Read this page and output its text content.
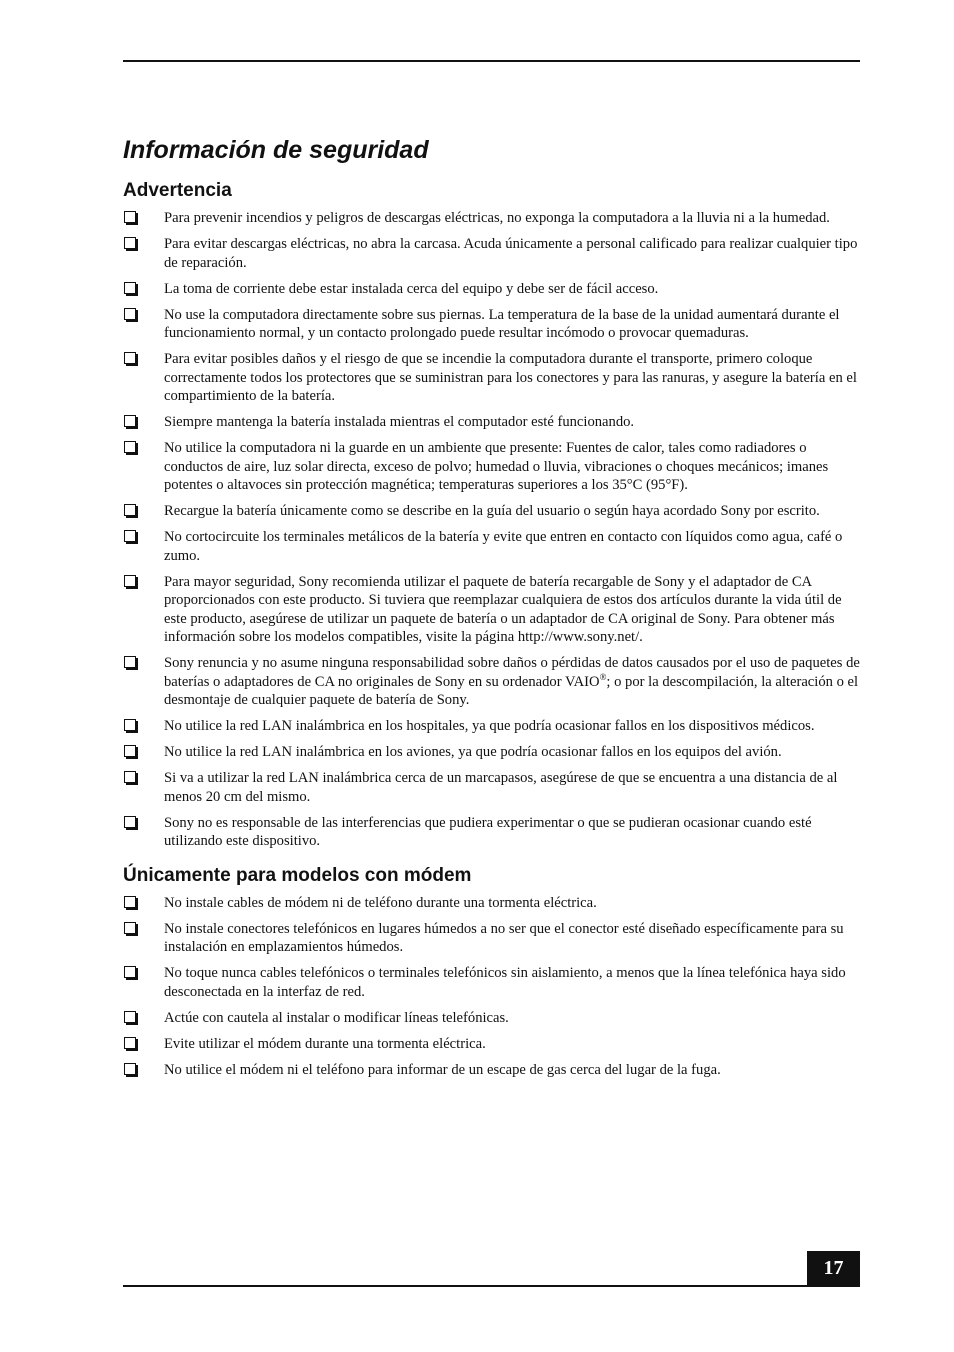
Información de seguridad
Advertencia
Para prevenir incendios y peligros de descargas eléctricas, no exponga la computadora a la lluvia ni a la humedad.
Para evitar descargas eléctricas, no abra la carcasa. Acuda únicamente a personal calificado para realizar cualquier tipo de reparación.
La toma de corriente debe estar instalada cerca del equipo y debe ser de fácil acceso.
No use la computadora directamente sobre sus piernas. La temperatura de la base de la unidad aumentará durante el funcionamiento normal, y un contacto prolongado puede resultar incómodo o provocar quemaduras.
Para evitar posibles daños y el riesgo de que se incendie la computadora durante el transporte, primero coloque correctamente todos los protectores que se suministran para los conectores y para las ranuras, y asegure la batería en el compartimiento de la batería.
Siempre mantenga la batería instalada mientras el computador esté funcionando.
No utilice la computadora ni la guarde en un ambiente que presente: Fuentes de calor, tales como radiadores o conductos de aire, luz solar directa, exceso de polvo; humedad o lluvia, vibraciones o choques mecánicos; imanes potentes o altavoces sin protección magnética; temperaturas superiores a los 35°C (95°F).
Recargue la batería únicamente como se describe en la guía del usuario o según haya acordado Sony por escrito.
No cortocircuite los terminales metálicos de la batería y evite que entren en contacto con líquidos como agua, café o zumo.
Para mayor seguridad, Sony recomienda utilizar el paquete de batería recargable de Sony y el adaptador de CA proporcionados con este producto. Si tuviera que reemplazar cualquiera de estos dos artículos durante la vida útil de este producto, asegúrese de utilizar un paquete de batería o un adaptador de CA original de Sony. Para obtener más información sobre los modelos compatibles, visite la página http://www.sony.net/.
Sony renuncia y no asume ninguna responsabilidad sobre daños o pérdidas de datos causados por el uso de paquetes de baterías o adaptadores de CA no originales de Sony en su ordenador VAIO®; o por la descompilación, la alteración o el desmontaje de cualquier paquete de batería de Sony.
No utilice la red LAN inalámbrica en los hospitales, ya que podría ocasionar fallos en los dispositivos médicos.
No utilice la red LAN inalámbrica en los aviones, ya que podría ocasionar fallos en los equipos del avión.
Si va a utilizar la red LAN inalámbrica cerca de un marcapasos, asegúrese de que se encuentra a una distancia de al menos 20 cm del mismo.
Sony no es responsable de las interferencias que pudiera experimentar o que se pudieran ocasionar cuando esté utilizando este dispositivo.
Únicamente para modelos con módem
No instale cables de módem ni de teléfono durante una tormenta eléctrica.
No instale conectores telefónicos en lugares húmedos a no ser que el conector esté diseñado específicamente para su instalación en emplazamientos húmedos.
No toque nunca cables telefónicos o terminales telefónicos sin aislamiento, a menos que la línea telefónica haya sido desconectada en la interfaz de red.
Actúe con cautela al instalar o modificar líneas telefónicas.
Evite utilizar el módem durante una tormenta eléctrica.
No utilice el módem ni el teléfono para informar de un escape de gas cerca del lugar de la fuga.
17
